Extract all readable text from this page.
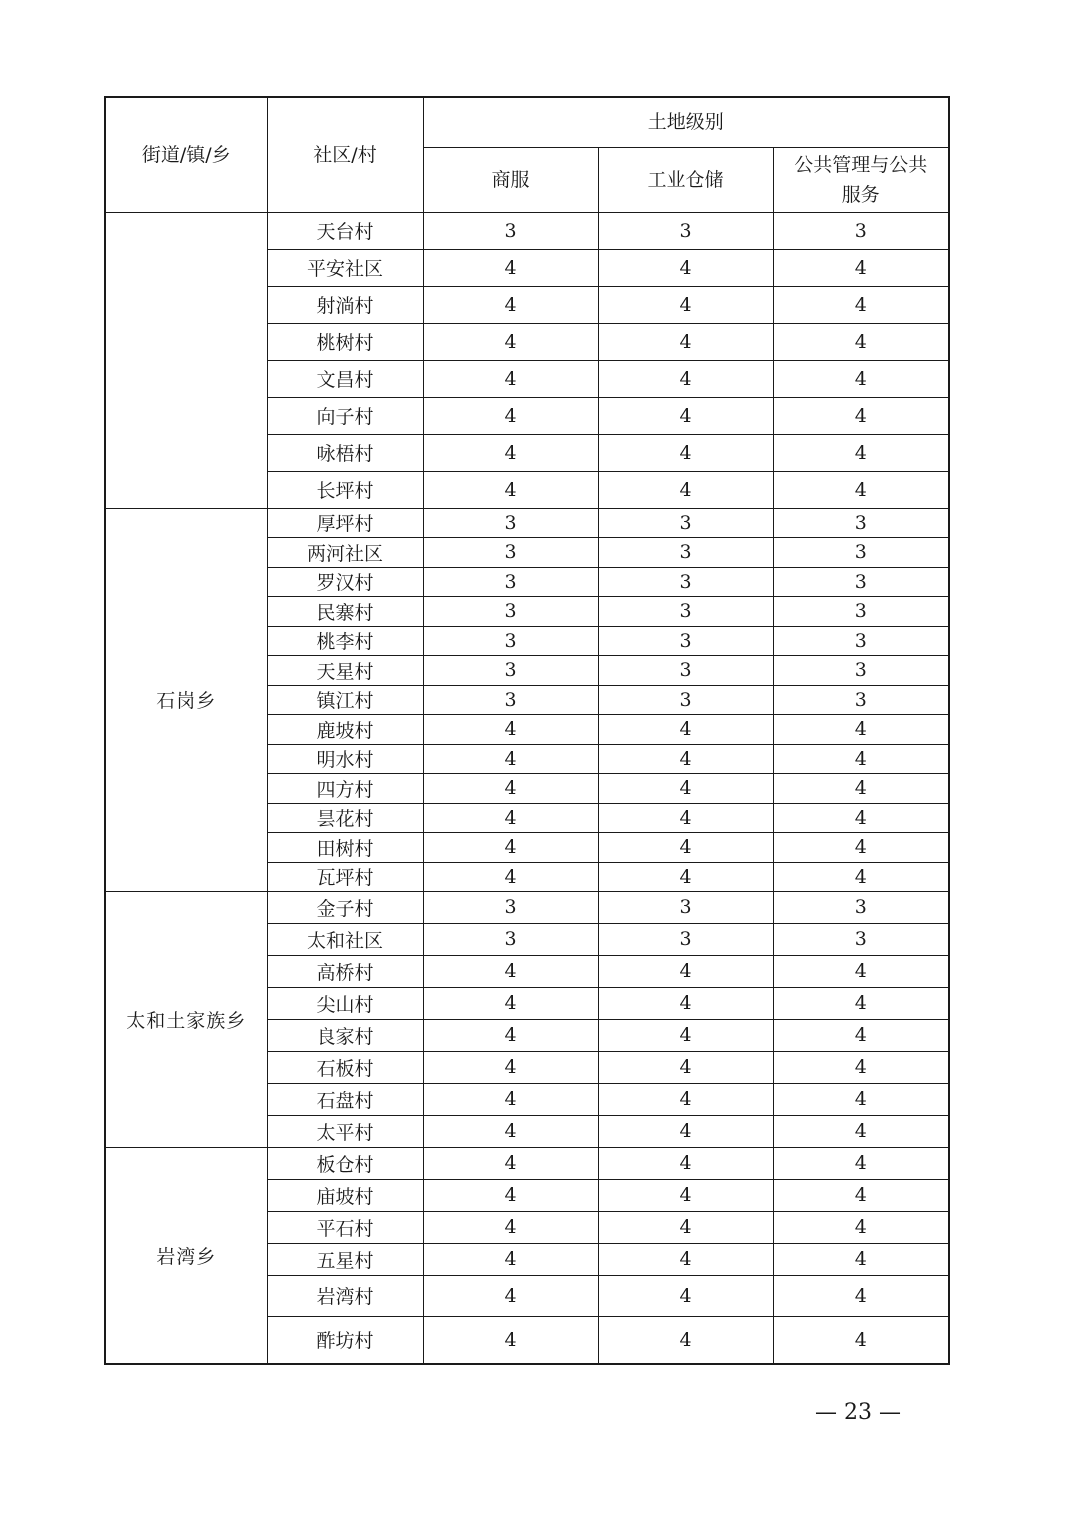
街道/镇/乡	社区/村	土地级别		
		商服	工业仓储	公共管理与公共服务
	天台村	3	3	3
	平安社区	4	4	4
	射淌村	4	4	4
	桃树村	4	4	4
	文昌村	4	4	4
	向子村	4	4	4
	咏梧村	4	4	4
	长坪村	4	4	4
石岗乡	厚坪村	3	3	3
	两河社区	3	3	3
	罗汉村	3	3	3
	民寨村	3	3	3
	桃李村	3	3	3
	天星村	3	3	3
	镇江村	3	3	3
	鹿坡村	4	4	4
	明水村	4	4	4
	四方村	4	4	4
	昙花村	4	4	4
	田树村	4	4	4
	瓦坪村	4	4	4
太和土家族乡	金子村	3	3	3
	太和社区	3	3	3
	高桥村	4	4	4
	尖山村	4	4	4
	良家村	4	4	4
	石板村	4	4	4
	石盘村	4	4	4
	太平村	4	4	4
岩湾乡	板仓村	4	4	4
	庙坡村	4	4	4
	平石村	4	4	4
	五星村	4	4	4
	岩湾村	4	4	4
	酢坊村	4	4	4
— 23 —
